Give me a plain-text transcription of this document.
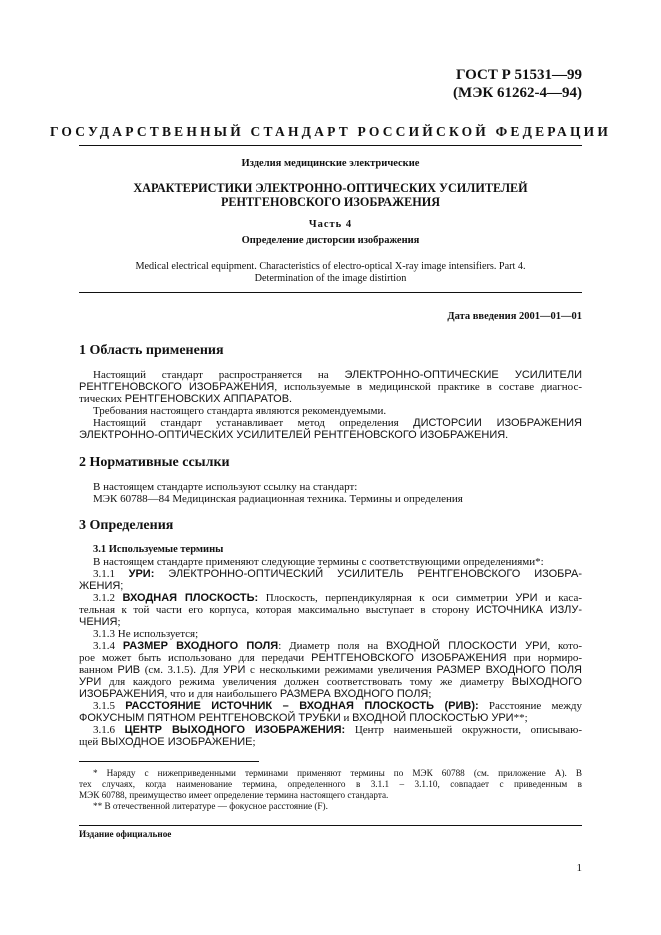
ГОСТ Р 51531—99
(МЭК 61262-4—94)
ГОСУДАРСТВЕННЫЙ СТАНДАРТ РОССИЙСКОЙ ФЕДЕРАЦИИ
Изделия медицинские электрические
ХАРАКТЕРИСТИКИ ЭЛЕКТРОННО-ОПТИЧЕСКИХ УСИЛИТЕЛЕЙ
РЕНТГЕНОВСКОГО ИЗОБРАЖЕНИЯ
Часть 4
Определение дисторсии изображения
Medical electrical equipment. Characteristics of electro-optical X-ray image intensifiers. Part 4.
Determination of the image distirtion
Дата введения 2001—01—01
1 Область применения

Настоящий стандарт распространяется на ЭЛЕКТРОННО-ОПТИЧЕСКИЕ УСИЛИТЕЛИ

РЕНТГЕНОВСКОГО ИЗОБРАЖЕНИЯ, используемые в медицинской практике в составе диагнос-

тических РЕНТГЕНОВСКИХ АППАРАТОВ.

Требования настоящего стандарта являются рекомендуемыми.

Настоящий стандарт устанавливает метод определения ДИСТОРСИИ ИЗОБРАЖЕНИЯ

ЭЛЕКТРОННО-ОПТИЧЕСКИХ УСИЛИТЕЛЕЙ РЕНТГЕНОВСКОГО ИЗОБРАЖЕНИЯ.

2 Нормативные ссылки

В настоящем стандарте используют ссылку на стандарт:

МЭК 60788—84 Медицинская радиационная техника. Термины и определения

3 Определения

3.1 Используемые термины

В настоящем стандарте применяют следующие термины с соответствующими определениями*:

3.1.1 УРИ: ЭЛЕКТРОННО-ОПТИЧЕСКИЙ УСИЛИТЕЛЬ РЕНТГЕНОВСКОГО ИЗОБРА-

ЖЕНИЯ;

3.1.2 ВХОДНАЯ ПЛОСКОСТЬ: Плоскость, перпендикулярная к оси симметрии УРИ и каса-

тельная к той части его корпуса, которая максимально выступает в сторону ИСТОЧНИКА ИЗЛУ-

ЧЕНИЯ;

3.1.3 Не используется;

3.1.4 РАЗМЕР ВХОДНОГО ПОЛЯ: Диаметр поля на ВХОДНОЙ ПЛОСКОСТИ УРИ, кото-

рое может быть использовано для передачи РЕНТГЕНОВСКОГО ИЗОБРАЖЕНИЯ при нормиро-

ванном РИВ (см. 3.1.5). Для УРИ с несколькими режимами увеличения РАЗМЕР ВХОДНОГО ПОЛЯ

УРИ для каждого режима увеличения должен соответствовать тому же диаметру ВЫХОДНОГО

ИЗОБРАЖЕНИЯ, что и для наибольшего РАЗМЕРА ВХОДНОГО ПОЛЯ;

3.1.5 РАССТОЯНИЕ ИСТОЧНИК – ВХОДНАЯ ПЛОСКОСТЬ (РИВ): Расстояние между

ФОКУСНЫМ ПЯТНОМ РЕНТГЕНОВСКОЙ ТРУБКИ и ВХОДНОЙ ПЛОСКОСТЬЮ УРИ**;

3.1.6 ЦЕНТР ВЫХОДНОГО ИЗОБРАЖЕНИЯ: Центр наименьшей окружности, описываю-

щей ВЫХОДНОЕ ИЗОБРАЖЕНИЕ;

* Наряду с нижеприведенными терминами применяют термины по МЭК 60788 (см. приложение А). В
тех случаях, когда наименование термина, определенного в 3.1.1 – 3.1.10, совпадает с приведенным в
МЭК 60788, преимущество имеет определение термина настоящего стандарта.
** В отечественной литературе — фокусное расстояние (F).
Издание официальное
1
